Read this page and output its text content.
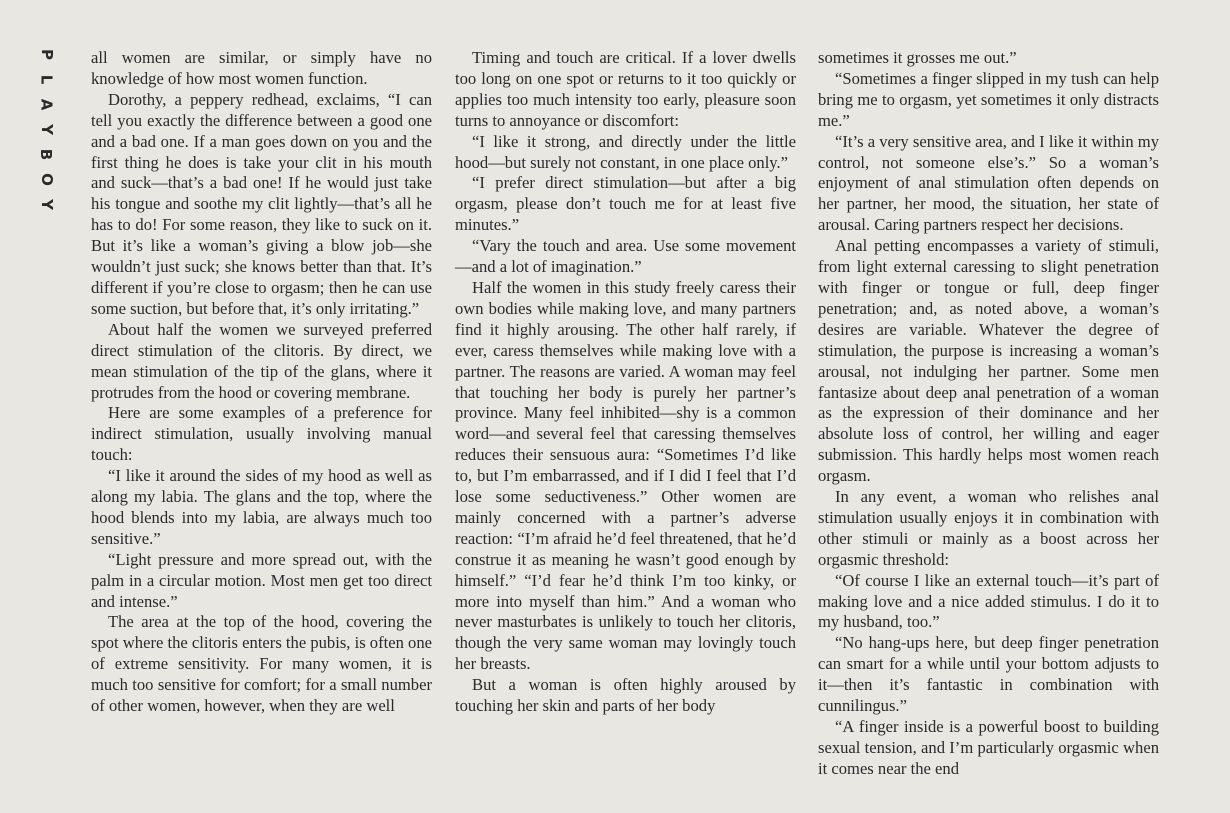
P
L
A
Y
B
O
Y

all women are similar, or simply have no knowledge of how most women function.

Dorothy, a peppery redhead, exclaims, “I can tell you exactly the difference between a good one and a bad one. If a man goes down on you and the first thing he does is take your clit in his mouth and suck—that’s a bad one! If he would just take his tongue and soothe my clit lightly—that’s all he has to do! For some reason, they like to suck on it. But it’s like a woman’s giving a blow job—she wouldn’t just suck; she knows better than that. It’s different if you’re close to orgasm; then he can use some suction, but before that, it’s only irritating.”

About half the women we surveyed preferred direct stimulation of the clitoris. By direct, we mean stimulation of the tip of the glans, where it protrudes from the hood or covering membrane.

Here are some examples of a preference for indirect stimulation, usually involving manual touch:

“I like it around the sides of my hood as well as along my labia. The glans and the top, where the hood blends into my labia, are always much too sensitive.”

“Light pressure and more spread out, with the palm in a circular motion. Most men get too direct and intense.”

The area at the top of the hood, covering the spot where the clitoris enters the pubis, is often one of extreme sensitivity. For many women, it is much too sensitive for comfort; for a small number of other women, however, when they are well

Timing and touch are critical. If a lover dwells too long on one spot or returns to it too quickly or applies too much intensity too early, pleasure soon turns to annoyance or discomfort:

“I like it strong, and directly under the little hood—but surely not constant, in one place only.”

“I prefer direct stimulation—but after a big orgasm, please don’t touch me for at least five minutes.”

“Vary the touch and area. Use some movement—and a lot of imagination.”

Half the women in this study freely caress their own bodies while making love, and many partners find it highly arousing. The other half rarely, if ever, caress themselves while making love with a partner. The reasons are varied. A woman may feel that touching her body is purely her partner’s province. Many feel inhibited—shy is a common word—and several feel that caressing themselves reduces their sensuous aura: “Sometimes I’d like to, but I’m embarrassed, and if I did I feel that I’d lose some seductiveness.” Other women are mainly concerned with a partner’s adverse reaction: “I’m afraid he’d feel threatened, that he’d construe it as meaning he wasn’t good enough by himself.” “I’d fear he’d think I’m too kinky, or more into myself than him.” And a woman who never masturbates is unlikely to touch her clitoris, though the very same woman may lovingly touch her breasts.

But a woman is often highly aroused by touching her skin and parts of her body

sometimes it grosses me out.”

“Sometimes a finger slipped in my tush can help bring me to orgasm, yet sometimes it only distracts me.”

“It’s a very sensitive area, and I like it within my control, not someone else’s.” So a woman’s enjoyment of anal stimulation often depends on her partner, her mood, the situation, her state of arousal. Caring partners respect her decisions.

Anal petting encompasses a variety of stimuli, from light external caressing to slight penetration with finger or tongue or full, deep finger penetration; and, as noted above, a woman’s desires are variable. Whatever the degree of stimulation, the purpose is increasing a woman’s arousal, not indulging her partner. Some men fantasize about deep anal penetration of a woman as the expression of their dominance and her absolute loss of control, her willing and eager submission. This hardly helps most women reach orgasm.

In any event, a woman who relishes anal stimulation usually enjoys it in combination with other stimuli or mainly as a boost across her orgasmic threshold:

“Of course I like an external touch—it’s part of making love and a nice added stimulus. I do it to my husband, too.”

“No hang-ups here, but deep finger penetration can smart for a while until your bottom adjusts to it—then it’s fantastic in combination with cunnilingus.”

“A finger inside is a powerful boost to building sexual tension, and I’m particularly orgasmic when it comes near the end
